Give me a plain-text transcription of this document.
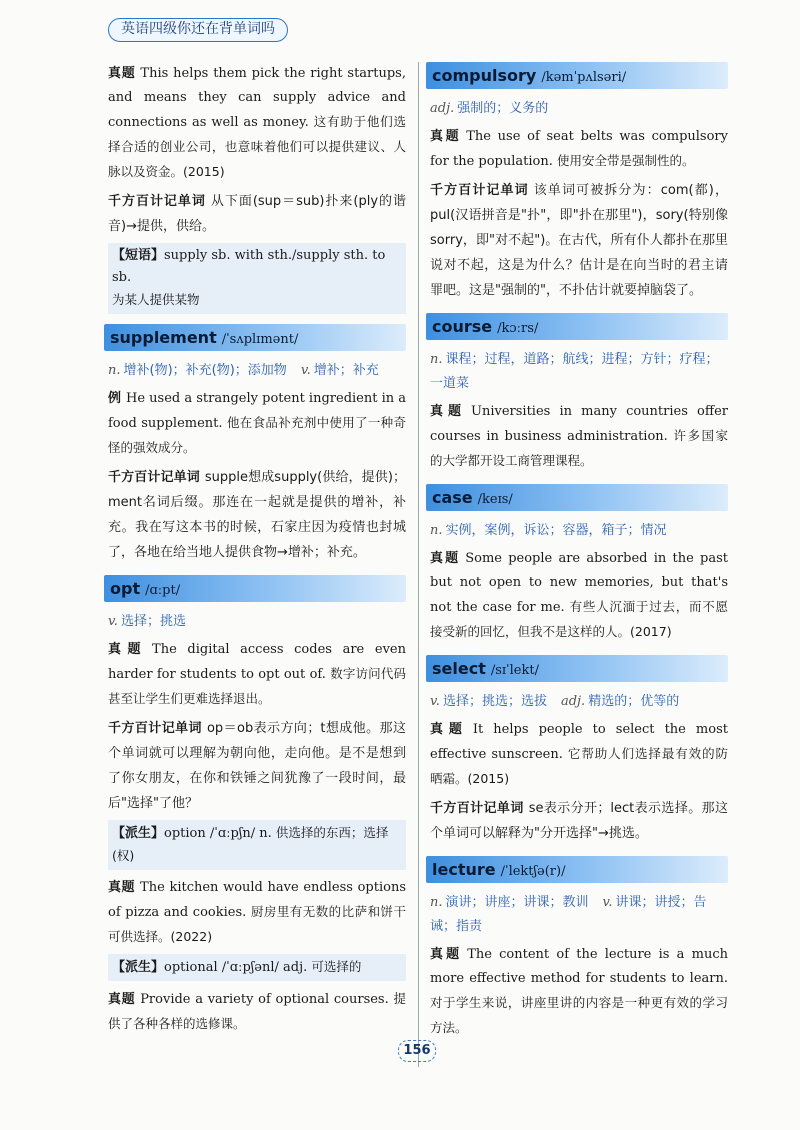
英语四级你还在背单词吗

真题 This helps them pick the right startups, and means they can supply advice and connections as well as money. 这有助于他们选择合适的创业公司，也意味着他们可以提供建议、人脉以及资金。(2015)

千方百计记单词 从下面(sup＝sub)扑来(ply的谐音)→提供，供给。

【短语】supply sb. with sth./supply sth. to sb.
为某人提供某物
supplement /ˈsʌplɪmənt/

n. 增补(物)；补充(物)；添加物 v. 增补；补充

例 He used a strangely potent ingredient in a food supplement. 他在食品补充剂中使用了一种奇怪的强效成分。

千方百计记单词 supple想成supply(供给，提供)；ment名词后缀。那连在一起就是提供的增补，补充。我在写这本书的时候，石家庄因为疫情也封城了，各地在给当地人提供食物→增补；补充。

opt /ɑːpt/

v. 选择；挑选

真题 The digital access codes are even harder for students to opt out of. 数字访问代码甚至让学生们更难选择退出。

千方百计记单词 op＝ob表示方向；t想成他。那这个单词就可以理解为朝向他，走向他。是不是想到了你女朋友，在你和铁锤之间犹豫了一段时间，最后"选择"了他？

【派生】option /ˈɑːpʃn/ n. 供选择的东西；选择(权)

真题 The kitchen would have endless options of pizza and cookies. 厨房里有无数的比萨和饼干可供选择。(2022)

【派生】optional /ˈɑːpʃənl/ adj. 可选择的

真题 Provide a variety of optional courses. 提供了各种各样的选修课。

compulsory /kəmˈpʌlsəri/

adj. 强制的；义务的

真题 The use of seat belts was compulsory for the population. 使用安全带是强制性的。

千方百计记单词 该单词可被拆分为：com(都)，pul(汉语拼音是"扑"，即"扑在那里")，sory(特别像sorry，即"对不起")。在古代，所有仆人都扑在那里说对不起，这是为什么？估计是在向当时的君主请罪吧。这是"强制的"，不扑估计就要掉脑袋了。

course /kɔːrs/

n. 课程；过程，道路；航线；进程；方针；疗程；一道菜

真题 Universities in many countries offer courses in business administration. 许多国家的大学都开设工商管理课程。

case /keɪs/

n. 实例，案例，诉讼；容器，箱子；情况

真题 Some people are absorbed in the past but not open to new memories, but that's not the case for me. 有些人沉湎于过去，而不愿接受新的回忆，但我不是这样的人。(2017)

select /sɪˈlekt/

v. 选择；挑选；选拔 adj. 精选的；优等的

真题 It helps people to select the most effective sunscreen. 它帮助人们选择最有效的防晒霜。(2015)

千方百计记单词 se表示分开；lect表示选择。那这个单词可以解释为"分开选择"→挑选。

lecture /ˈlektʃə(r)/

n. 演讲；讲座；讲课；教训 v. 讲课；讲授；告诫；指责

真题 The content of the lecture is a much more effective method for students to learn. 对于学生来说，讲座里讲的内容是一种更有效的学习方法。

156
